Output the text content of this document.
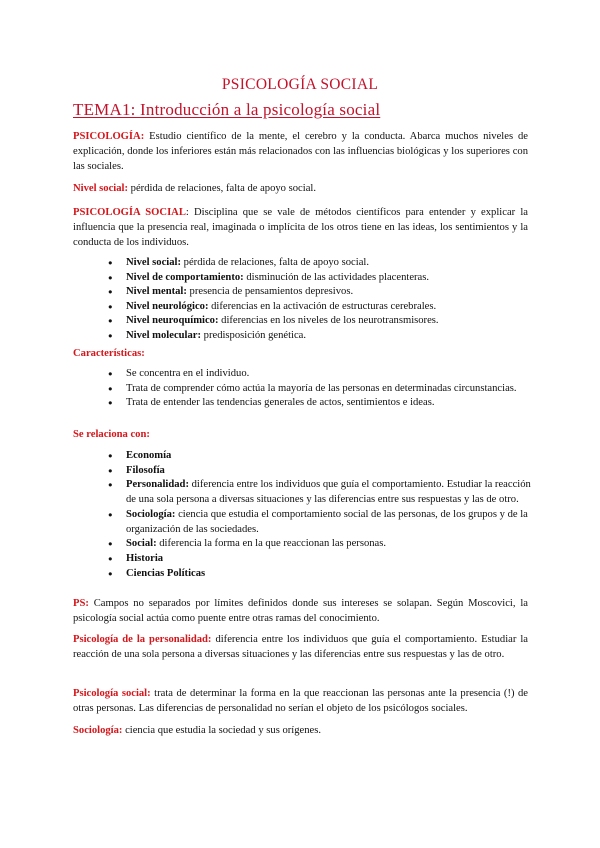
PSICOLOGÍA SOCIAL
TEMA1: Introducción a la psicología social

PSICOLOGÍA: Estudio científico de la mente, el cerebro y la conducta. Abarca muchos niveles de explicación, donde los inferiores están más relacionados con las influencias biológicas y los superiores con las sociales.

Nivel social: pérdida de relaciones, falta de apoyo social.

PSICOLOGÍA SOCIAL: Disciplina que se vale de métodos científicos para entender y explicar la influencia que la presencia real, imaginada o implícita de los otros tiene en las ideas, los sentimientos y la conducta de los individuos.

● Nivel social: pérdida de relaciones, falta de apoyo social.
● Nivel de comportamiento: disminución de las actividades placenteras.
● Nivel mental: presencia de pensamientos depresivos.
● Nivel neurológico: diferencias en la activación de estructuras cerebrales.
● Nivel neuroquímico: diferencias en los niveles de los neurotransmisores.
● Nivel molecular: predisposición genética.
Características:
● Se concentra en el individuo.
● Trata de comprender cómo actúa la mayoría de las personas en determinadas circunstancias.
● Trata de entender las tendencias generales de actos, sentimientos e ideas.
Se relaciona con:
● Economía
● Filosofía
● Personalidad: diferencia entre los individuos que guía el comportamiento. Estudiar la reacción de una sola persona a diversas situaciones y las diferencias entre sus respuestas y las de otro.
● Sociología: ciencia que estudia el comportamiento social de las personas, de los grupos y de la organización de las sociedades.
● Social: diferencia la forma en la que reaccionan las personas.
● Historia
● Ciencias Políticas

PS: Campos no separados por límites definidos donde sus intereses se solapan. Según Moscovici, la psicología social actúa como puente entre otras ramas del conocimiento.

Psicología de la personalidad: diferencia entre los individuos que guía el comportamiento. Estudiar la reacción de una sola persona a diversas situaciones y las diferencias entre sus respuestas y las de otro.

Psicología social: trata de determinar la forma en la que reaccionan las personas ante la presencia (!) de otras personas. Las diferencias de personalidad no serían el objeto de los psicólogos sociales.

Sociología: ciencia que estudia la sociedad y sus orígenes.
